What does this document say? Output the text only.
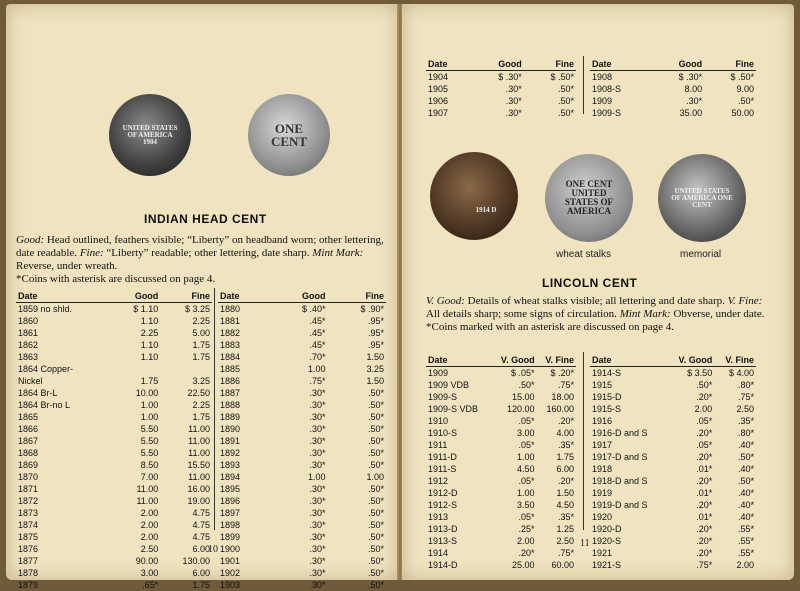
UNITED STATES OF AMERICA 1904
ONE CENT
INDIAN HEAD CENT
Good: Head outlined, feathers visible; “Liberty” on headband worn; other lettering, date readable. Fine: “Liberty” readable; other lettering, date sharp. Mint Mark: Reverse, under wreath.
*Coins with asterisk are discussed on page 4.
Date	Good	Fine
1859 no shld.	$ 1.10	$ 3.25
1860	1.10	2.25
1861	2.25	5.00
1862	1.10	1.75
1863	1.10	1.75
1864 Copper-		
Nickel	1.75	3.25
1864 Br-L	10.00	22.50
1864 Br-no L	1.00	2.25
1865	1.00	1.75
1866	5.50	11.00
1867	5.50	11.00
1868	5.50	11.00
1869	8.50	15.50
1870	7.00	11.00
1871	11.00	16.00
1872	11.00	19.00
1873	2.00	4.75
1874	2.00	4.75
1875	2.00	4.75
1876	2.50	6.00
1877	90.00	130.00
1878	3.00	6.00
1879	.65*	1.75
Date	Good	Fine
1880	$ .40*	$ .90*
1881	.45*	.95*
1882	.45*	.95*
1883	.45*	.95*
1884	.70*	1.50
1885	1.00	3.25
1886	.75*	1.50
1887	.30*	.50*
1888	.30*	.50*
1889	.30*	.50*
1890	.30*	.50*
1891	.30*	.50*
1892	.30*	.50*
1893	.30*	.50*
1894	1.00	1.00
1895	.30*	.50*
1896	.30*	.50*
1897	.30*	.50*
1898	.30*	.50*
1899	.30*	.50*
1900	.30*	.50*
1901	.30*	.50*
1902	.30*	.50*
1903	.30*	.50*
10
Date	Good	Fine
1904	$ .30*	$ .50*
1905	.30*	.50*
1906	.30*	.50*
1907	.30*	.50*
Date	Good	Fine
1908	$ .30*	$ .50*
1908-S	8.00	9.00
1909	.30*	.50*
1909-S	35.00	50.00
1914 D
ONE CENT UNITED STATES OF AMERICA
UNITED STATES OF AMERICA ONE CENT
wheat stalks	memorial
LINCOLN CENT
V. Good: Details of wheat stalks visible; all lettering and date sharp. V. Fine: All details sharp; some signs of circulation. Mint Mark: Obverse, under date. *Coins marked with an asterisk are discussed on page 4.
Date	V. Good	V. Fine
1909	$ .05*	$ .20*
1909 VDB	.50*	.75*
1909-S	15.00	18.00
1909-S VDB	120.00	160.00
1910	.05*	.20*
1910-S	3.00	4.00
1911	.05*	.35*
1911-D	1.00	1.75
1911-S	4.50	6.00
1912	.05*	.20*
1912-D	1.00	1.50
1912-S	3.50	4.50
1913	.05*	.35*
1913-D	.25*	1.25
1913-S	2.00	2.50
1914	.20*	.75*
1914-D	25.00	60.00
Date	V. Good	V. Fine
1914-S	$ 3.50	$ 4.00
1915	.50*	.80*
1915-D	.20*	.75*
1915-S	2.00	2.50
1916	.05*	.35*
1916-D and S	.20*	.80*
1917	.05*	.40*
1917-D and S	.20*	.50*
1918	.01*	.40*
1918-D and S	.20*	.50*
1919	.01*	.40*
1919-D and S	.20*	.40*
1920	.01*	.40*
1920-D	.20*	.55*
1920-S	.20*	.55*
1921	.20*	.55*
1921-S	.75*	2.00
11
